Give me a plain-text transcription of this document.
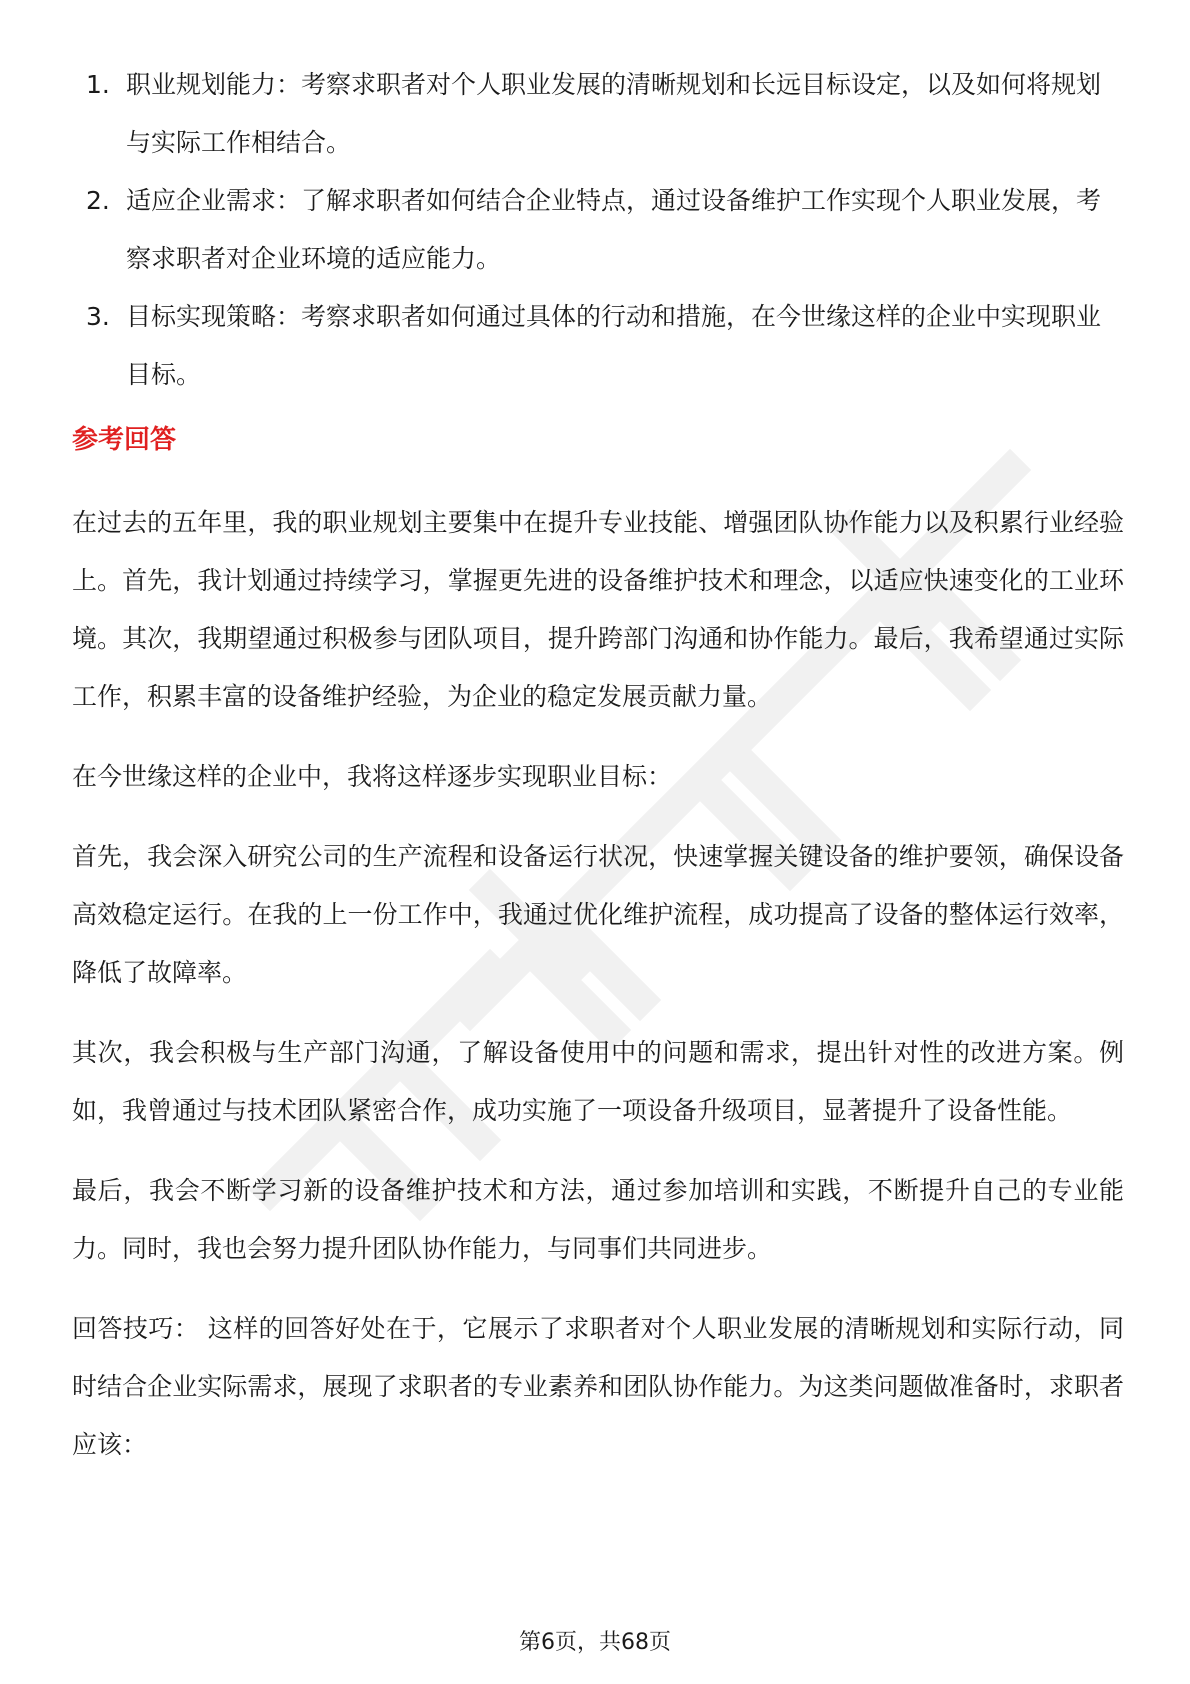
1. 职业规划能力：考察求职者对个人职业发展的清晰规划和长远目标设定，以及如何将规划与实际工作相结合。
2. 适应企业需求：了解求职者如何结合企业特点，通过设备维护工作实现个人职业发展，考察求职者对企业环境的适应能力。
3. 目标实现策略：考察求职者如何通过具体的行动和措施，在今世缘这样的企业中实现职业目标。
参考回答

在过去的五年里，我的职业规划主要集中在提升专业技能、增强团队协作能力以及积累行业经验上。首先，我计划通过持续学习，掌握更先进的设备维护技术和理念，以适应快速变化的工业环境。其次，我期望通过积极参与团队项目，提升跨部门沟通和协作能力。最后，我希望通过实际工作，积累丰富的设备维护经验，为企业的稳定发展贡献力量。

在今世缘这样的企业中，我将这样逐步实现职业目标：

首先，我会深入研究公司的生产流程和设备运行状况，快速掌握关键设备的维护要领，确保设备高效稳定运行。在我的上一份工作中，我通过优化维护流程，成功提高了设备的整体运行效率，降低了故障率。

其次，我会积极与生产部门沟通，了解设备使用中的问题和需求，提出针对性的改进方案。例如，我曾通过与技术团队紧密合作，成功实施了一项设备升级项目，显著提升了设备性能。

最后，我会不断学习新的设备维护技术和方法，通过参加培训和实践，不断提升自己的专业能力。同时，我也会努力提升团队协作能力，与同事们共同进步。

回答技巧： 这样的回答好处在于，它展示了求职者对个人职业发展的清晰规划和实际行动，同时结合企业实际需求，展现了求职者的专业素养和团队协作能力。为这类问题做准备时，求职者应该：

第6页，共68页
